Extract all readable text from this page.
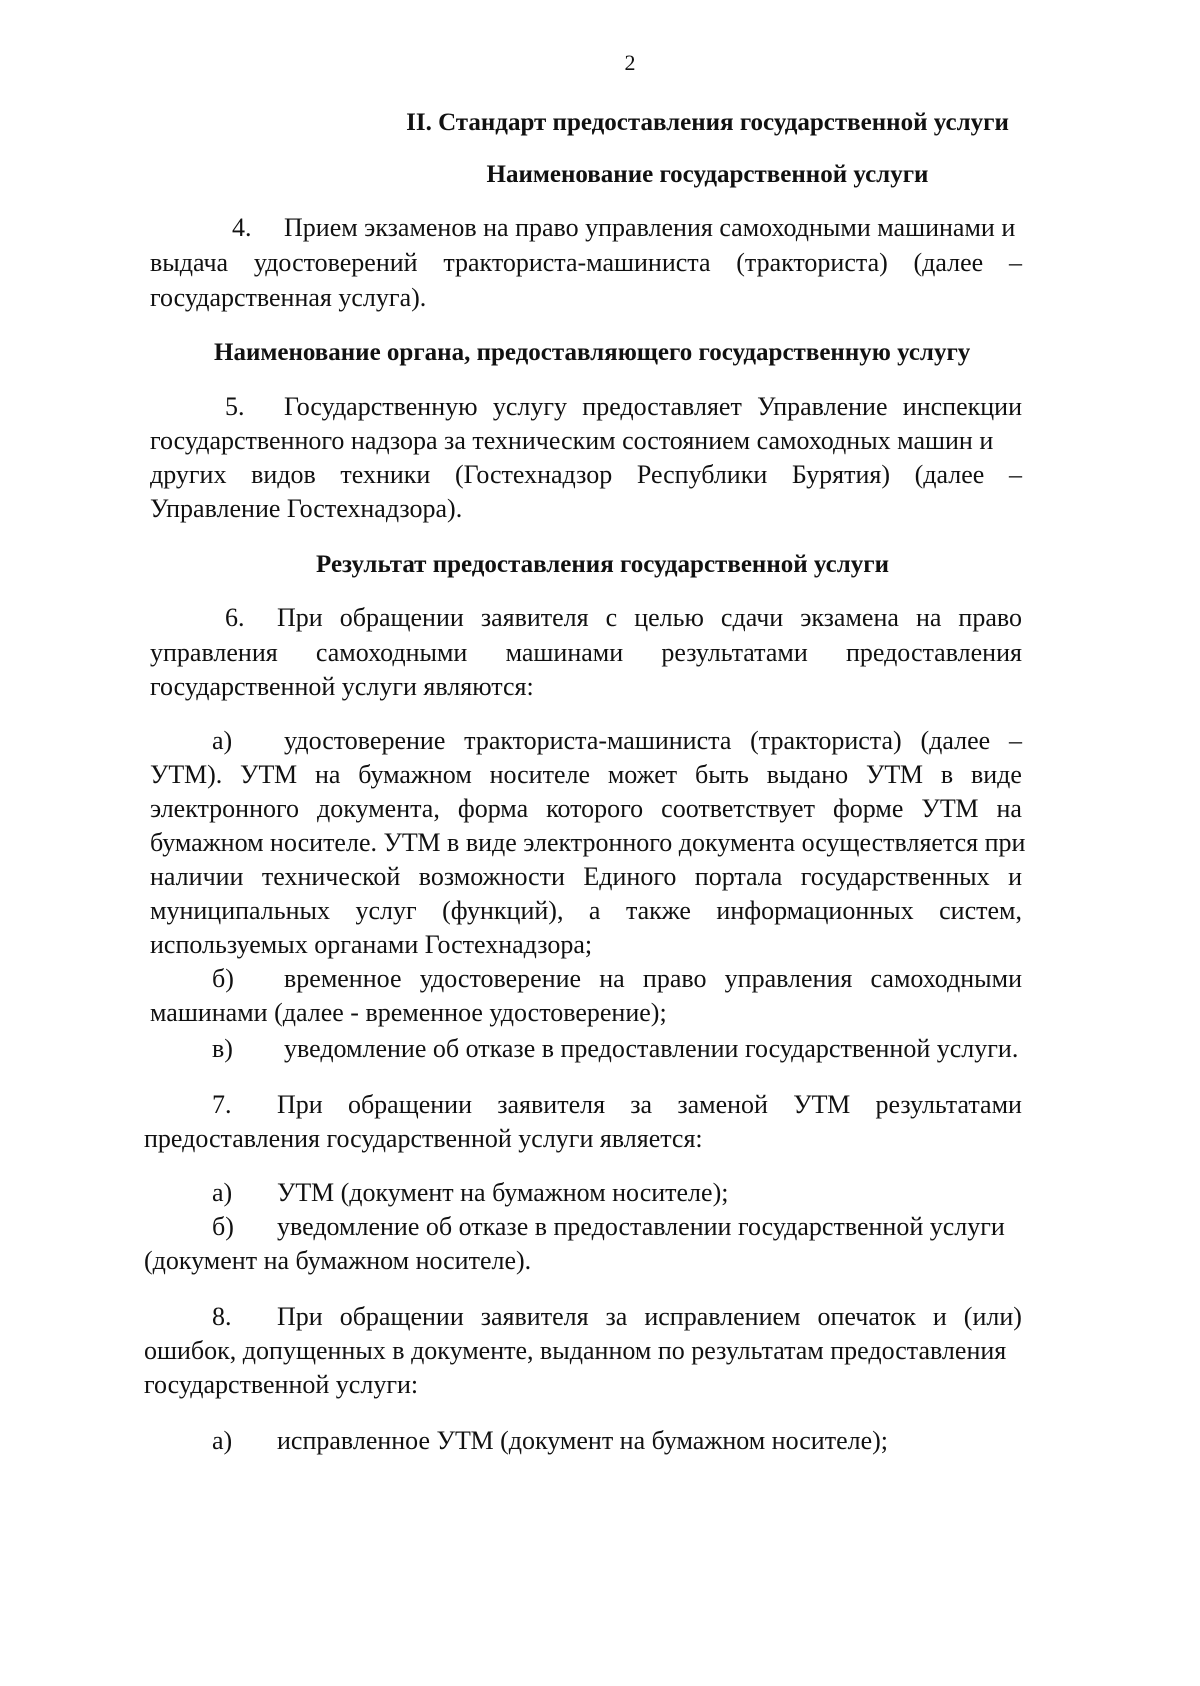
2
II. Стандарт предоставления государственной услуги
Наименование государственной услуги
4. Прием экзаменов на право управления самоходными машинами и
выдача удостоверений тракториста-машиниста (тракториста) (далее –
государственная услуга).
Наименование органа, предоставляющего государственную услугу
5. Государственную услугу предоставляет Управление инспекции
государственного надзора за техническим состоянием самоходных машин и
других видов техники (Гостехнадзор Республики Бурятия) (далее –
Управление Гостехнадзора).
Результат предоставления государственной услуги
6. При обращении заявителя с целью сдачи экзамена на право
управления самоходными машинами результатами предоставления
государственной услуги являются:
а) удостоверение тракториста-машиниста (тракториста) (далее –
УТМ). УТМ на бумажном носителе может быть выдано УТМ в виде
электронного документа, форма которого соответствует форме УТМ на
бумажном носителе. УТМ в виде электронного документа осуществляется при
наличии технической возможности Единого портала государственных и
муниципальных услуг (функций), а также информационных систем,
используемых органами Гостехнадзора;
б) временное удостоверение на право управления самоходными
машинами (далее - временное удостоверение);
в) уведомление об отказе в предоставлении государственной услуги.
7. При обращении заявителя за заменой УТМ результатами
предоставления государственной услуги является:
а) УТМ (документ на бумажном носителе);
б) уведомление об отказе в предоставлении государственной услуги
(документ на бумажном носителе).
8. При обращении заявителя за исправлением опечаток и (или)
ошибок, допущенных в документе, выданном по результатам предоставления
государственной услуги:
а) исправленное УТМ (документ на бумажном носителе);
